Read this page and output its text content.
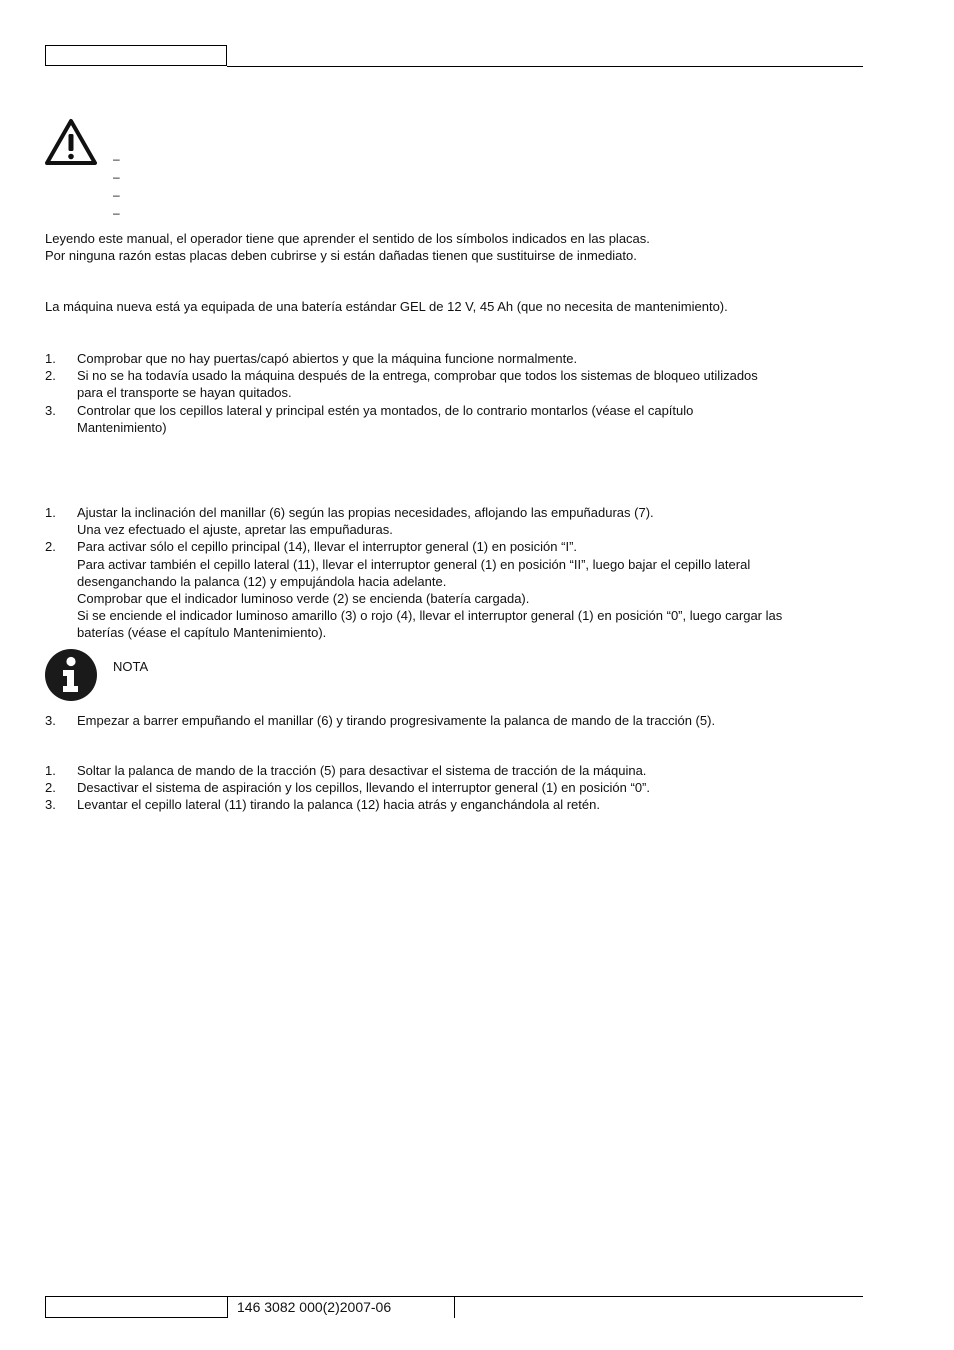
–
–
–
–
Leyendo este manual, el operador tiene que aprender el sentido de los símbolos indicados en las placas.
Por ninguna razón estas placas deben cubrirse y si están dañadas tienen que sustituirse de inmediato.
La máquina nueva está ya equipada de una batería estándar GEL de 12 V, 45 Ah (que no necesita de mantenimiento).
1. Comprobar que no hay puertas/capó abiertos y que la máquina funcione normalmente.
2. Si no se ha todavía usado la máquina después de la entrega, comprobar que todos los sistemas de bloqueo utilizados
para el transporte se hayan quitados.
3. Controlar que los cepillos lateral y principal estén ya montados, de lo contrario montarlos (véase el capítulo
Mantenimiento)
1. Ajustar la inclinación del manillar (6) según las propias necesidades, aflojando las empuñaduras (7).
Una vez efectuado el ajuste, apretar las empuñaduras.
2. Para activar sólo el cepillo principal (14), llevar el interruptor general (1) en posición “I”.
Para activar también el cepillo lateral (11), llevar el interruptor general (1) en posición “II”, luego bajar el cepillo lateral
desenganchando la palanca (12) y empujándola hacia adelante.
Comprobar que el indicador luminoso verde (2) se encienda (batería cargada).
Si se enciende el indicador luminoso amarillo (3) o rojo (4), llevar el interruptor general (1) en posición “0”, luego cargar las
baterías (véase el capítulo Mantenimiento).
NOTA
3. Empezar a barrer empuñando el manillar (6) y tirando progresivamente la palanca de mando de la tracción (5).
1. Soltar la palanca de mando de la tracción (5) para desactivar el sistema de tracción de la máquina.
2. Desactivar el sistema de aspiración y los cepillos, llevando el interruptor general (1) en posición “0”.
3. Levantar el cepillo lateral (11) tirando la palanca (12) hacia atrás y enganchándola al retén.
146 3082 000(2)2007-06
